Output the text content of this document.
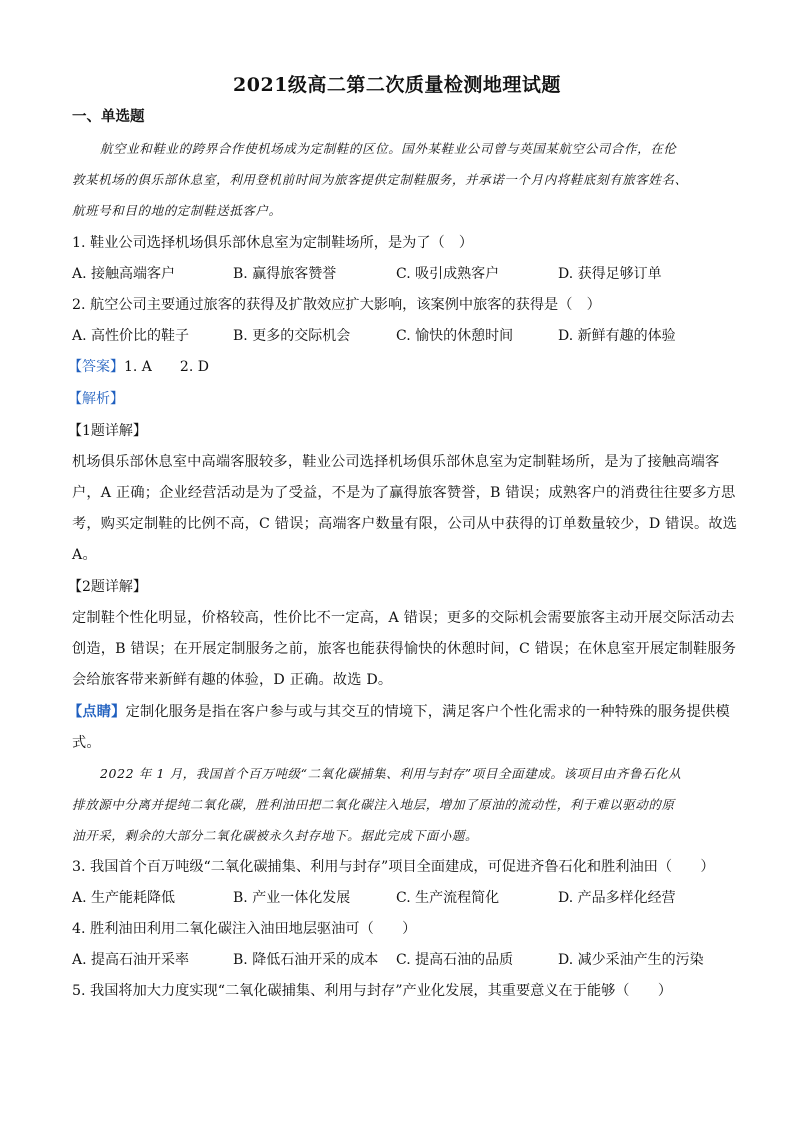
2021级高二第二次质量检测地理试题
一、单选题
航空业和鞋业的跨界合作使机场成为定制鞋的区位。国外某鞋业公司曾与英国某航空公司合作，在伦
敦某机场的俱乐部休息室，利用登机前时间为旅客提供定制鞋服务，并承诺一个月内将鞋底刻有旅客姓名、
航班号和目的地的定制鞋送抵客户。
1. 鞋业公司选择机场俱乐部休息室为定制鞋场所，是为了（　）
A. 接触高端客户	B. 赢得旅客赞誉	C. 吸引成熟客户	D. 获得足够订单
2. 航空公司主要通过旅客的获得及扩散效应扩大影响，该案例中旅客的获得是（　）
A. 高性价比的鞋子	B. 更多的交际机会	C. 愉快的休憩时间	D. 新鲜有趣的体验
【答案】1. A 2. D
【解析】
【1题详解】
机场俱乐部休息室中高端客服较多，鞋业公司选择机场俱乐部休息室为定制鞋场所，是为了接触高端客
户，A 正确；企业经营活动是为了受益，不是为了赢得旅客赞誉，B 错误；成熟客户的消费往往要多方思
考，购买定制鞋的比例不高，C 错误；高端客户数量有限，公司从中获得的订单数量较少，D 错误。故选
A。
【2题详解】
定制鞋个性化明显，价格较高，性价比不一定高，A 错误；更多的交际机会需要旅客主动开展交际活动去
创造，B 错误；在开展定制服务之前，旅客也能获得愉快的休憩时间，C 错误；在休息室开展定制鞋服务
会给旅客带来新鲜有趣的体验，D 正确。故选 D。
【点睛】定制化服务是指在客户参与或与其交互的情境下，满足客户个性化需求的一种特殊的服务提供模
式。
2022 年 1 月，我国首个百万吨级“二氧化碳捕集、利用与封存”项目全面建成。该项目由齐鲁石化从
排放源中分离并提纯二氧化碳，胜利油田把二氧化碳注入地层，增加了原油的流动性，利于难以驱动的原
油开采，剩余的大部分二氧化碳被永久封存地下。据此完成下面小题。
3. 我国首个百万吨级“二氧化碳捕集、利用与封存”项目全面建成，可促进齐鲁石化和胜利油田（　　）
A. 生产能耗降低	B. 产业一体化发展	C. 生产流程简化	D. 产品多样化经营
4. 胜利油田利用二氧化碳注入油田地层驱油可（　　）
A. 提高石油开采率	B. 降低石油开采的成本 C. 提高石油的品质	D. 减少采油产生的污染
5. 我国将加大力度实现“二氧化碳捕集、利用与封存”产业化发展，其重要意义在于能够（　　）
